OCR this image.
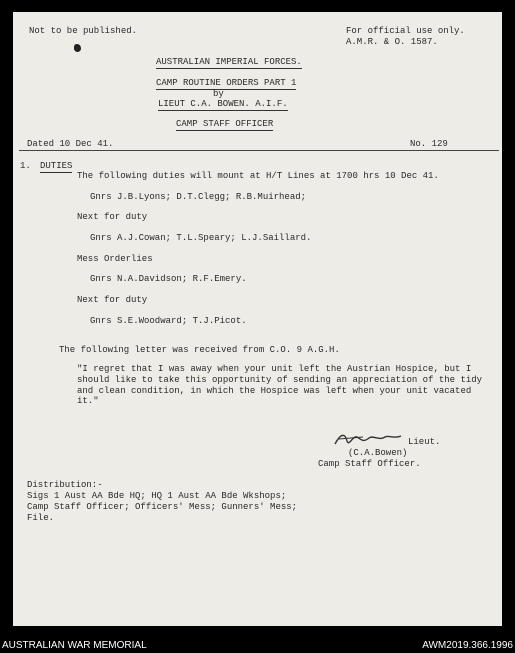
Not to be published.	For official use only.
A.M.R. & O. 1587.
AUSTRALIAN IMPERIAL FORCES.
CAMP ROUTINE ORDERS PART 1
by
LIEUT C.A. BOWEN. A.I.F.
CAMP STAFF OFFICER
Dated 10 Dec 41.	No. 129
1. DUTIES
The following duties will mount at H/T Lines at 1700 hrs 10 Dec 41.
Gnrs J.B.Lyons; D.T.Clegg; R.B.Muirhead;
Next for duty
Gnrs A.J.Cowan; T.L.Speary; L.J.Saillard.
Mess Orderlies
Gnrs N.A.Davidson; R.F.Emery.
Next for duty
Gnrs S.E.Woodward; T.J.Picot.
The following letter was received from C.O. 9 A.G.H.
"I regret that I was away when your unit left the Austrian Hospice, but I should like to take this opportunity of sending an appreciation of the tidy and clean condition, in which the Hospice was left when your unit vacated it."
Lieut.
(C.A.Bowen)
Camp Staff Officer.
Distribution:-
Sigs 1 Aust AA Bde HQ; HQ 1 Aust AA Bde Wkshops;
Camp Staff Officer; Officers' Mess; Gunners' Mess;
File.
AUSTRALIAN WAR MEMORIAL	AWM2019.366.1996
